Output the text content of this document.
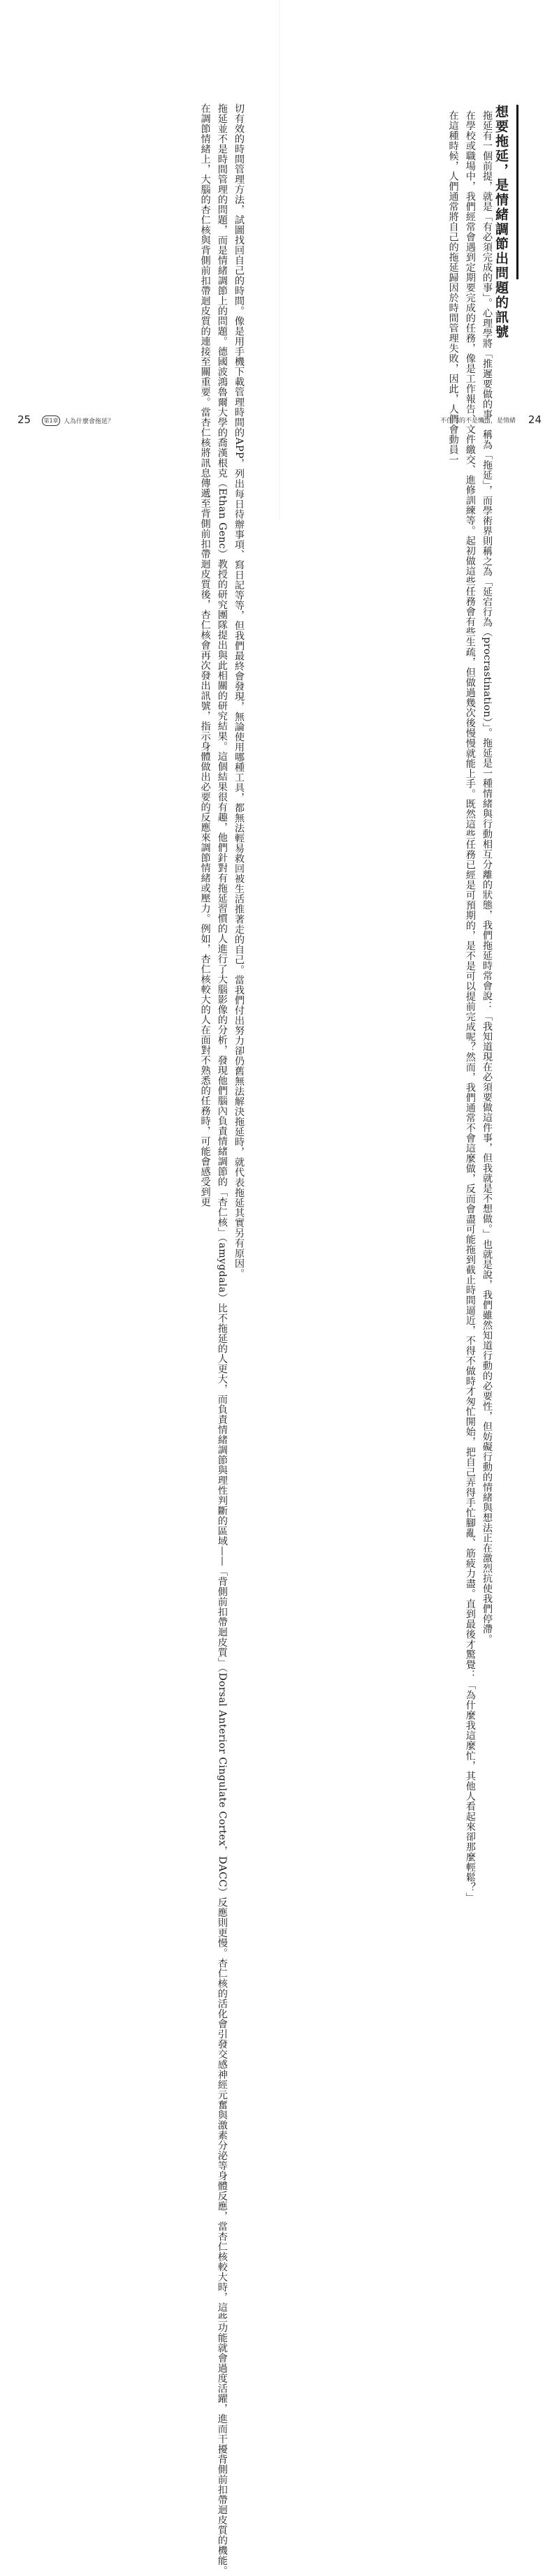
切有效的時間管理方法，試圖找回自己的時間。像是用手機下載管理時間的APP，列出每日待辦事項、寫日記等等，但我們最終會發現，無論使用哪種工具，都無法輕易救回被生活推著走的自己。當我們付出努力卻仍舊無法解決拖延時，就代表拖延其實另有原因。

拖延並不是時間管理的問題，而是情緒調節上的問題。德國波鴻魯爾大學的喬漢根克（Ethan Genc）教授的研究團隊提出與此相關的研究結果。這個結果很有趣，他們針對有拖延習慣的人進行了大腦影像的分析，發現他們腦內負責情緒調節的「杏仁核」（amygdala）比不拖延的人更大，而負責情緒調節與理性判斷的區域——「背側前扣帶迴皮質」（Dorsal Anterior Cingulate Cortex，DACC）反應則更慢。杏仁核的活化會引發交感神經元奮與激素分泌等身體反應，當杏仁核較大時，這些功能就會過度活躍，進而干擾背側前扣帶迴皮質的機能。

在調節情緒上，大腦的杏仁核與背側前扣帶迴皮質的連接至關重要。當杏仁核將訊息傳遞至背側前扣帶迴皮質後，杏仁核會再次發出訊號，指示身體做出必要的反應來調節情緒或壓力。例如，杏仁核較大的人在面對不熟悉的任務時，可能會感受到更

25	第1章 人為什麼會拖延？
想要拖延，是情緒調節出問題的訊號

拖延有一個前提，就是「有必須完成的事」。心理學將「推遲要做的事」稱為「拖延」，而學術界則稱之為「延宕行為（procrastination）」。拖延是一種情緒與行動相互分離的狀態，我們拖延時常會說：「我知道現在必須要做這件事，但我就是不想做。」也就是說，我們雖然知道行動的必要性，但妨礙行動的情緒與想法正在激烈抗使我們停滯。

在學校或職場中，我們經常會遇到定期要完成的任務，像是工作報告、文件繳交、進修訓練等。起初做這些任務會有些生疏，但做過幾次後慢慢就能上手。既然這些任務已經是可預期的，是不是可以提前完成呢？然而，我們通常不會這麼做，反而會盡可能拖到截止時間逼近，不得不做時才匆忙開始，把自己弄得手忙腳亂、筋疲力盡。直到最後才驚覺：「為什麼我這麼忙，其他人看起來卻那麼輕鬆？」

在這種時候，人們通常將自己的拖延歸因於時間管理失敗，因此，人們會動員一

不住你的不是懶惰，是情緒 24
